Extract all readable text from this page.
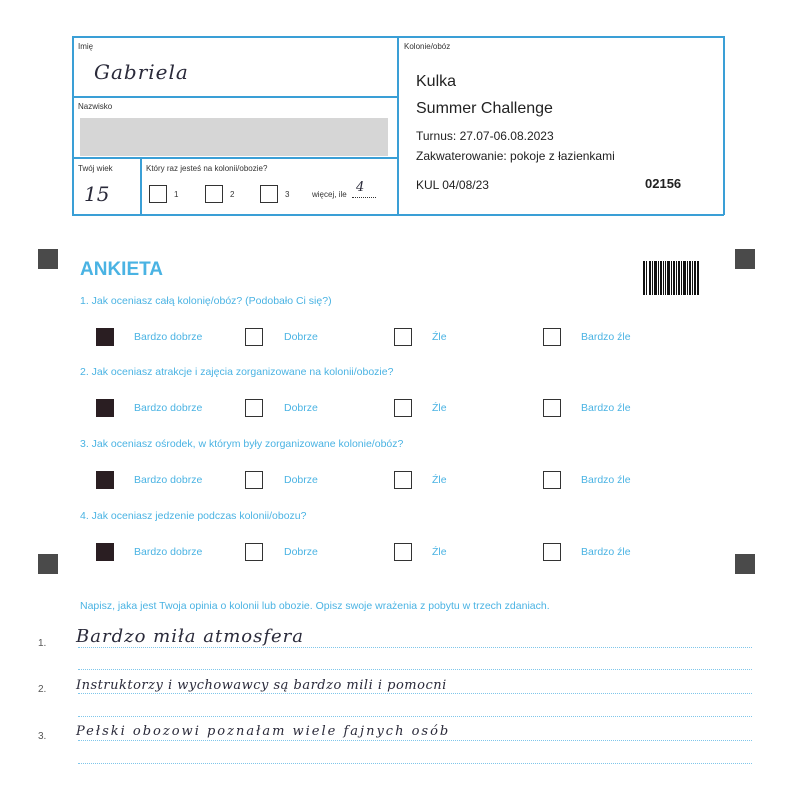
Imię
Gabriela
Nazwisko
Twój wiek
15
Który raz jesteś na kolonii/obozie?
1	2	3	więcej, ile 4
Kolonie/obóz
Kulka
Summer Challenge
Turnus: 27.07-06.08.2023
Zakwaterowanie: pokoje z łazienkami
KUL 04/08/23	02156
ANKIETA
1. Jak oceniasz całą kolonię/obóz? (Podobało Ci się?)
Bardzo dobrze	Dobrze	Źle	Bardzo źle
2. Jak oceniasz atrakcje i zajęcia zorganizowane na kolonii/obozie?
Bardzo dobrze	Dobrze	Źle	Bardzo źle
3. Jak oceniasz ośrodek, w którym były zorganizowane kolonie/obóz?
Bardzo dobrze	Dobrze	Źle	Bardzo źle
4. Jak oceniasz jedzenie podczas kolonii/obozu?
Bardzo dobrze	Dobrze	Źle	Bardzo źle
Napisz, jaka jest Twoja opinia o kolonii lub obozie. Opisz swoje wrażenia z pobytu w trzech zdaniach.
1. Bardzo miła atmosfera
2. Instruktorzy i wychowawcy są bardzo mili i pomocni
3. Pełski obozowi poznałam wiele fajnych osób
